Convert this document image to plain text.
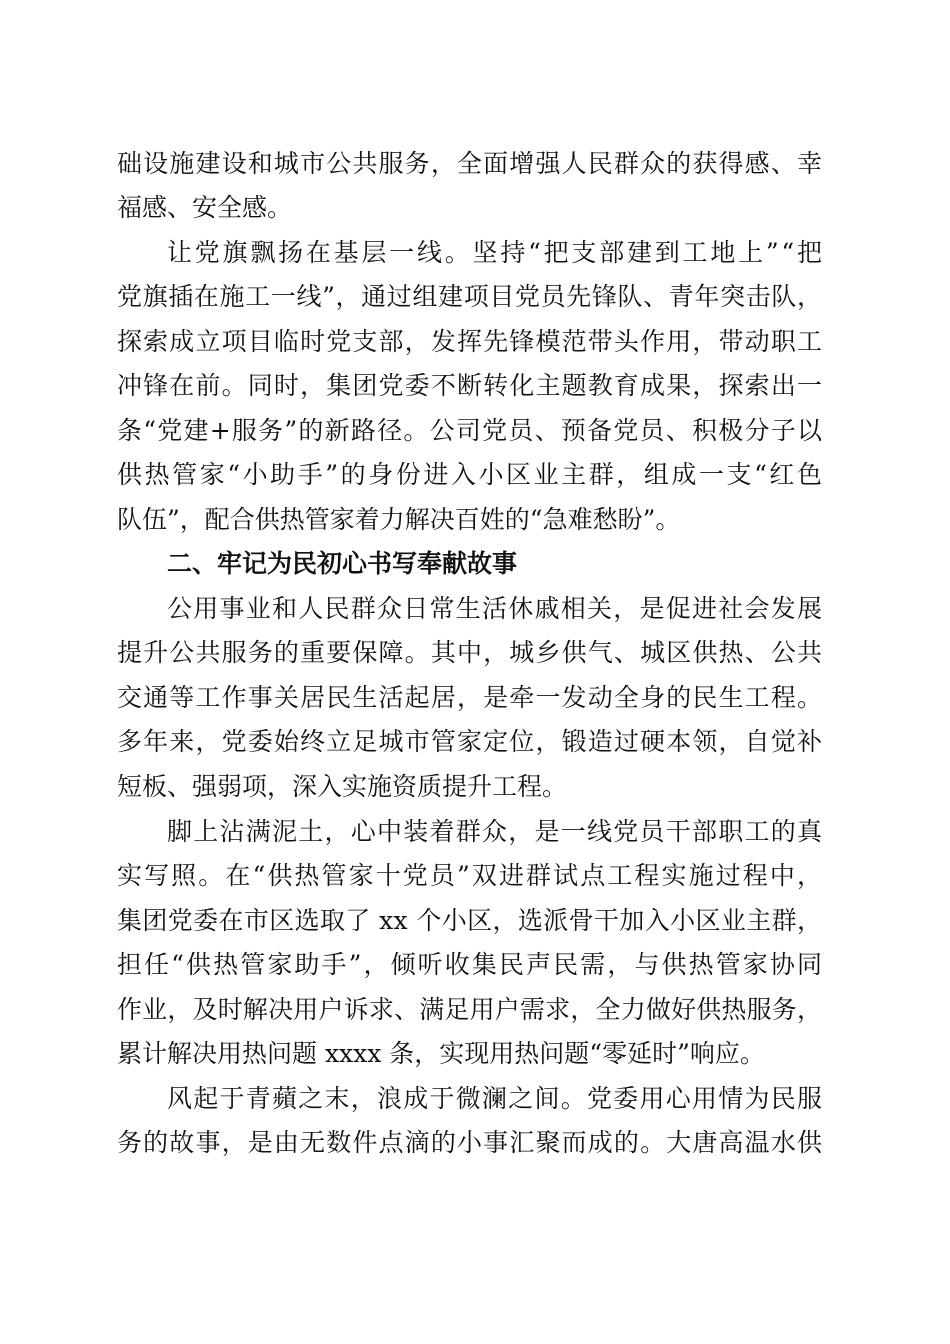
础设施建设和城市公共服务，全面增强人民群众的获得感、幸
福感、安全感。
让党旗飘扬在基层一线。坚持“把支部建到工地上”“把
党旗插在施工一线”，通过组建项目党员先锋队、青年突击队，
探索成立项目临时党支部，发挥先锋模范带头作用，带动职工
冲锋在前。同时，集团党委不断转化主题教育成果，探索出一
条“党建+服务”的新路径。公司党员、预备党员、积极分子以
供热管家“小助手”的身份进入小区业主群，组成一支“红色
队伍”，配合供热管家着力解决百姓的“急难愁盼”。
二、牢记为民初心书写奉献故事
公用事业和人民群众日常生活休戚相关，是促进社会发展
提升公共服务的重要保障。其中，城乡供气、城区供热、公共
交通等工作事关居民生活起居，是牵一发动全身的民生工程。
多年来，党委始终立足城市管家定位，锻造过硬本领，自觉补
短板、强弱项，深入实施资质提升工程。
脚上沾满泥土，心中装着群众，是一线党员干部职工的真
实写照。在“供热管家十党员”双进群试点工程实施过程中，
集团党委在市区选取了 xx 个小区，选派骨干加入小区业主群，
担任“供热管家助手”，倾听收集民声民需，与供热管家协同
作业，及时解决用户诉求、满足用户需求，全力做好供热服务，
累计解决用热问题 xxxx 条，实现用热问题“零延时”响应。
风起于青蘋之末，浪成于微澜之间。党委用心用情为民服
务的故事，是由无数件点滴的小事汇聚而成的。大唐高温水供
